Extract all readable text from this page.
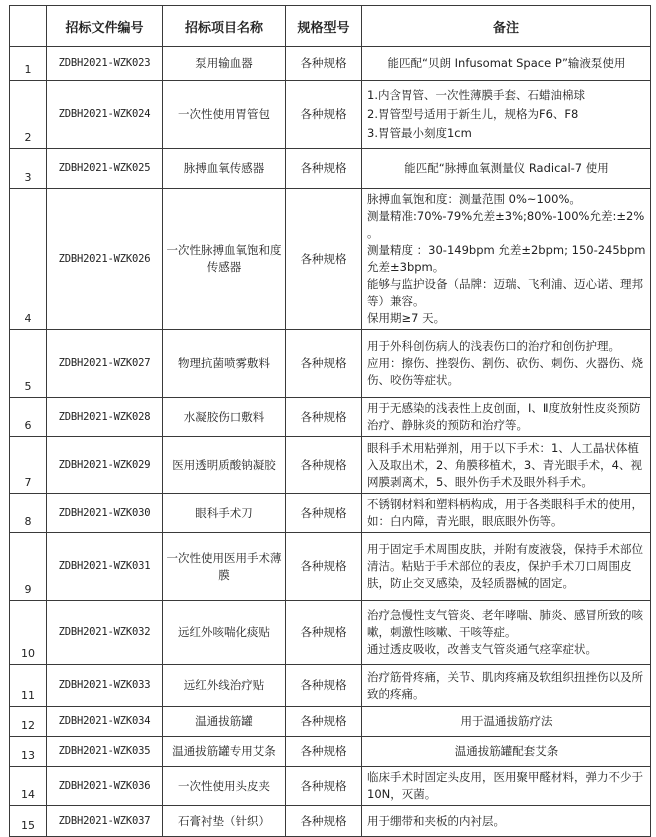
	招标文件编号	招标项目名称	规格型号	备注
1	ZDBH2021-WZK023	泵用输血器	各种规格	能匹配“贝朗 Infusomat Space P”输液泵使用

2	ZDBH2021-WZK024	一次性使用胃管包	各种规格	1.内含胃管、一次性薄膜手套、石蜡油棉球
2.胃管型号适用于新生儿，规格为F6、F8
3.胃管最小刻度1cm

3	ZDBH2021-WZK025	脉搏血氧传感器	各种规格	能匹配“脉搏血氧测量仪 Radical-7 使用

4	ZDBH2021-WZK026	一次性脉搏血氧饱和度传感器	各种规格	脉搏血氧饱和度：测量范围 0%~100%。
测量精准:70%-79%允差±3%;80%-100%允差:±2% 。
测量精度 ：30-149bpm 允差±2bpm; 150-245bpm 允差±3bpm。
能够与监护设备（品牌：迈瑞、飞利浦、迈心诺、理邦等）兼容。
保用期≥7 天。

5	ZDBH2021-WZK027	物理抗菌喷雾敷料	各种规格	用于外科创伤病人的浅表伤口的治疗和创伤护理。
应用：擦伤、挫裂伤、割伤、砍伤、刺伤、火器伤、烧伤、咬伤等症状。

6	ZDBH2021-WZK028	水凝胶伤口敷料	各种规格	用于无感染的浅表性上皮创面，Ⅰ、Ⅱ度放射性皮炎预防治疗、静脉炎的预防和治疗等。

7	ZDBH2021-WZK029	医用透明质酸钠凝胶	各种规格	眼科手术用粘弹剂，用于以下手术：1、人工晶状体植入及取出术，2、角膜移植术，3、青光眼手术，4、视网膜剥离术，5、眼外伤手术及眼外科手术。

8	ZDBH2021-WZK030	眼科手术刀	各种规格	不锈钢材料和塑料柄构成，用于各类眼科手术的使用，如：白内障，青光眼，眼底眼外伤等。

9	ZDBH2021-WZK031	一次性使用医用手术薄膜	各种规格	用于固定手术周围皮肤，并附有废液袋，保持手术部位清洁。粘贴于手术部位的表皮，保护手术刀口周围皮肤，防止交叉感染，及轻质器械的固定。

10	ZDBH2021-WZK032	远红外咳喘化痰贴	各种规格	治疗急慢性支气管炎、老年哮喘、肺炎、感冒所致的咳嗽，刺激性咳嗽、干咳等症。
通过透皮吸收，改善支气管炎通气痉挛症状。

11	ZDBH2021-WZK033	远红外线治疗贴	各种规格	治疗筋骨疼痛，关节、肌肉疼痛及软组织扭挫伤以及所致的疼痛。

12	ZDBH2021-WZK034	温通拔筋罐	各种规格	用于温通拔筋疗法

13	ZDBH2021-WZK035	温通拔筋罐专用艾条	各种规格	温通拔筋罐配套艾条

14	ZDBH2021-WZK036	一次性使用头皮夹	各种规格	临床手术时固定头皮用，医用聚甲醛材料，弹力不少于 10N，灭菌。

15	ZDBH2021-WZK037	石膏衬垫（针织）	各种规格	用于绷带和夹板的内衬层。
